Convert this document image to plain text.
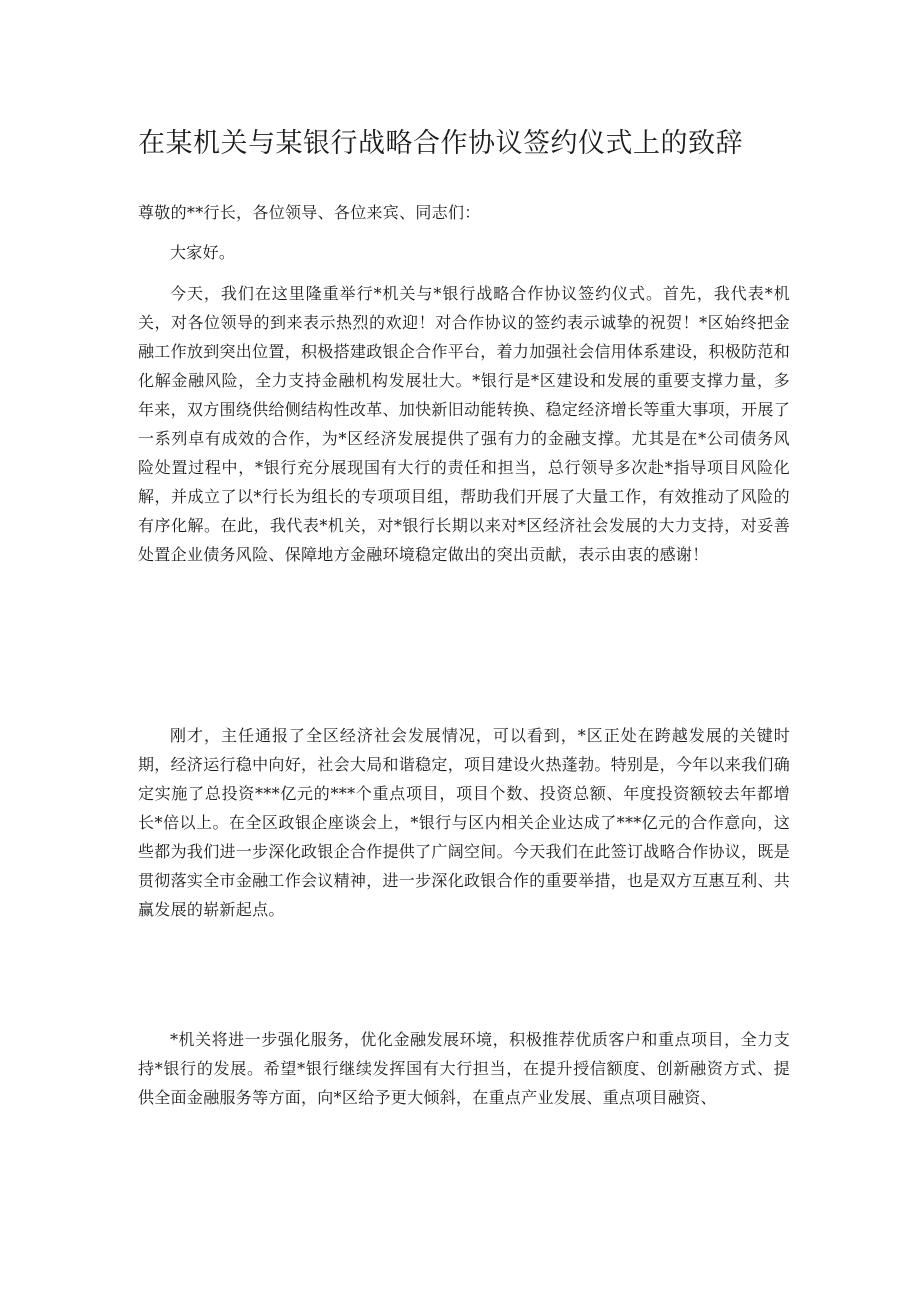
在某机关与某银行战略合作协议签约仪式上的致辞

尊敬的**行长，各位领导、各位来宾、同志们：

大家好。

今天，我们在这里隆重举行*机关与*银行战略合作协议签约仪式。首先，我代表*机关，对各位领导的到来表示热烈的欢迎！对合作协议的签约表示诚挚的祝贺！*区始终把金融工作放到突出位置，积极搭建政银企合作平台，着力加强社会信用体系建设，积极防范和化解金融风险，全力支持金融机构发展壮大。*银行是*区建设和发展的重要支撑力量，多年来，双方围绕供给侧结构性改革、加快新旧动能转换、稳定经济增长等重大事项，开展了一系列卓有成效的合作，为*区经济发展提供了强有力的金融支撑。尤其是在*公司债务风险处置过程中，*银行充分展现国有大行的责任和担当，总行领导多次赴*指导项目风险化解，并成立了以*行长为组长的专项项目组，帮助我们开展了大量工作，有效推动了风险的有序化解。在此，我代表*机关，对*银行长期以来对*区经济社会发展的大力支持，对妥善处置企业债务风险、保障地方金融环境稳定做出的突出贡献，表示由衷的感谢！

刚才，主任通报了全区经济社会发展情况，可以看到，*区正处在跨越发展的关键时期，经济运行稳中向好，社会大局和谐稳定，项目建设火热蓬勃。特别是，今年以来我们确定实施了总投资***亿元的***个重点项目，项目个数、投资总额、年度投资额较去年都增长*倍以上。在全区政银企座谈会上，*银行与区内相关企业达成了***亿元的合作意向，这些都为我们进一步深化政银企合作提供了广阔空间。今天我们在此签订战略合作协议，既是贯彻落实全市金融工作会议精神，进一步深化政银合作的重要举措，也是双方互惠互利、共赢发展的崭新起点。

*机关将进一步强化服务，优化金融发展环境，积极推荐优质客户和重点项目，全力支持*银行的发展。希望*银行继续发挥国有大行担当，在提升授信额度、创新融资方式、提供全面金融服务等方面，向*区给予更大倾斜，在重点产业发展、重点项目融资、
